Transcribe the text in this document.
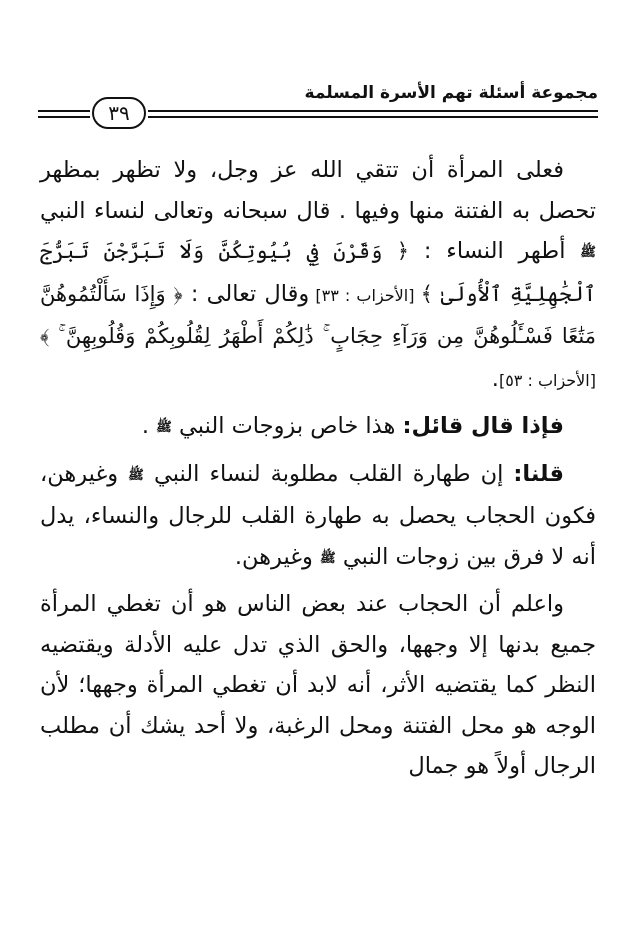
مجموعة أسئلة تهم الأسرة المسلمة
٣٩

فعلى المرأة أن تتقي الله عز وجل، ولا تظهر بمظهر تحصل به الفتنة منها وفيها . قال سبحانه وتعالى لنساء النبي ﷺ أطهر النساء : ﴿ وَقَرْنَ فِي بُيُوتِكُنَّ وَلَا تَبَرَّجْنَ تَبَرُّجَ ٱلْجَٰهِلِيَّةِ ٱلْأُولَىٰ ﴾ [الأحزاب : ٣٣] وقال تعالى : ﴿ وَإِذَا سَأَلْتُمُوهُنَّ مَتَٰعًا فَسْـَٔلُوهُنَّ مِن وَرَآءِ حِجَابٍ ۚ ذَٰلِكُمْ أَطْهَرُ لِقُلُوبِكُمْ وَقُلُوبِهِنَّ ۚ ﴾ [الأحزاب : ٥٣].

فإذا قال قائل: هذا خاص بزوجات النبي ﷺ .

قلنا: إن طهارة القلب مطلوبة لنساء النبي ﷺ وغيرهن، فكون الحجاب يحصل به طهارة القلب للرجال والنساء، يدل أنه لا فرق بين زوجات النبي ﷺ وغيرهن.

واعلم أن الحجاب عند بعض الناس هو أن تغطي المرأة جميع بدنها إلا وجهها، والحق الذي تدل عليه الأدلة ويقتضيه النظر كما يقتضيه الأثر، أنه لابد أن تغطي المرأة وجهها؛ لأن الوجه هو محل الفتنة ومحل الرغبة، ولا أحد يشك أن مطلب الرجال أولاً هو جمال
